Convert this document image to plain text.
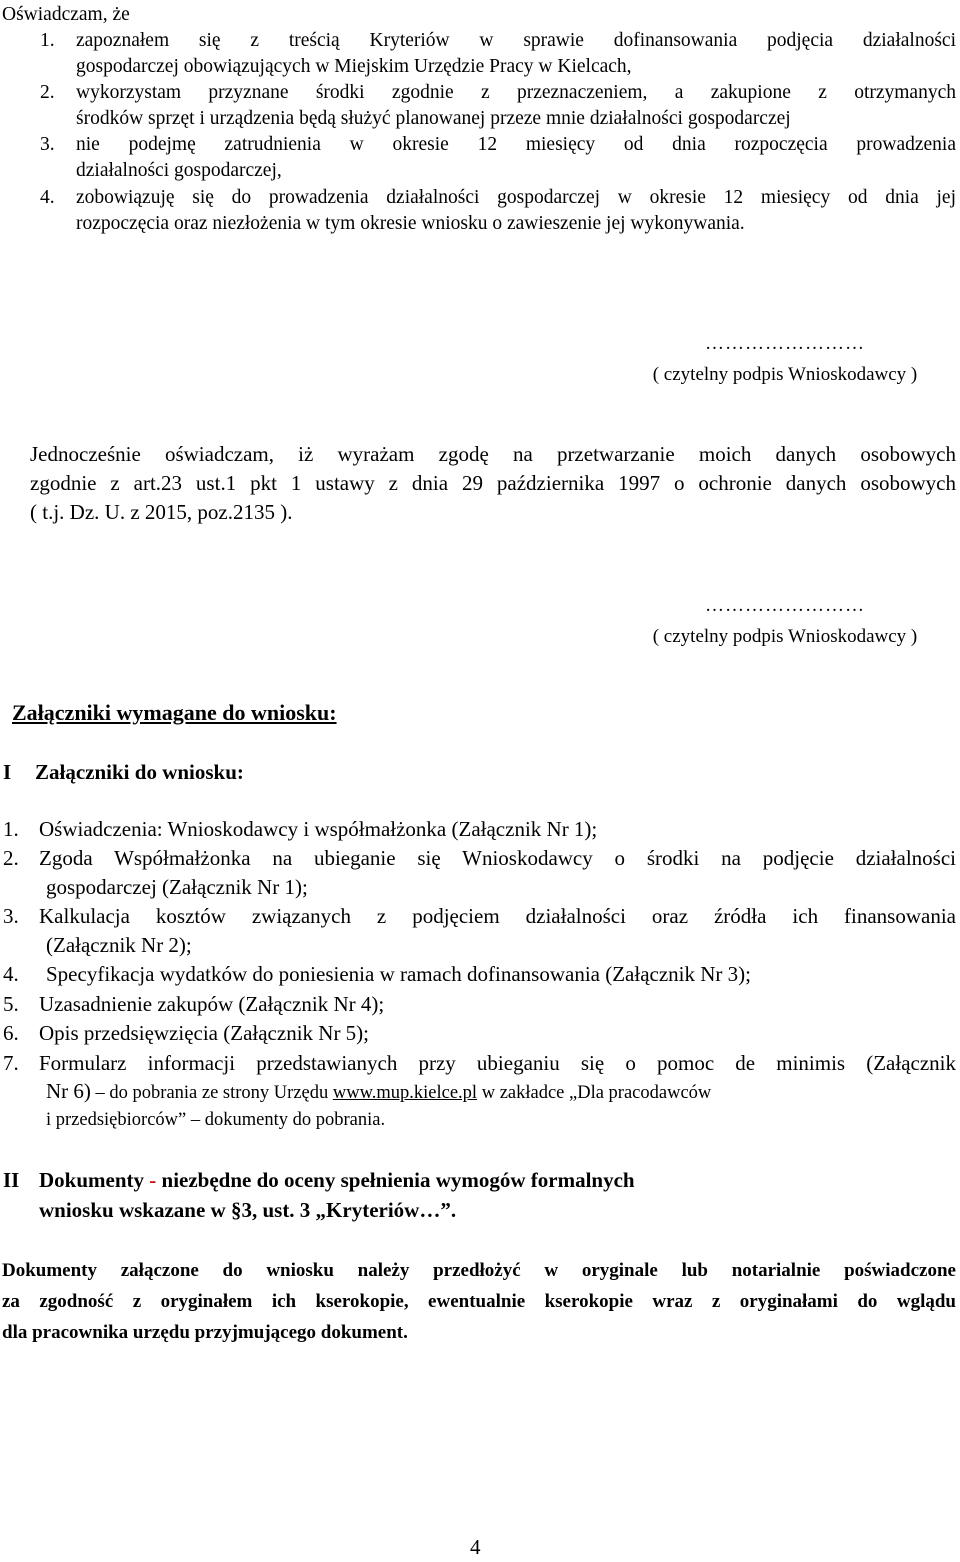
Oświadczam, że
1. zapoznałem się z treścią Kryteriów w sprawie dofinansowania podjęcia działalności
gospodarczej obowiązujących w Miejskim Urzędzie Pracy w Kielcach,
2. wykorzystam przyznane środki zgodnie z przeznaczeniem, a zakupione z otrzymanych
środków sprzęt i urządzenia będą służyć planowanej przeze mnie działalności gospodarczej
3. nie podejmę zatrudnienia w okresie 12 miesięcy od dnia rozpoczęcia prowadzenia
działalności gospodarczej,
4. zobowiązuję się do prowadzenia działalności gospodarczej w okresie 12 miesięcy od dnia jej
rozpoczęcia oraz niezłożenia w tym okresie wniosku o zawieszenie jej wykonywania.
……………………
( czytelny podpis Wnioskodawcy )
Jednocześnie oświadczam, iż wyrażam zgodę na przetwarzanie moich danych osobowych
zgodnie z art.23 ust.1 pkt 1 ustawy z dnia 29 października 1997 o ochronie danych osobowych
( t.j. Dz. U. z 2015, poz.2135 ).
……………………
( czytelny podpis Wnioskodawcy )
Załączniki wymagane do wniosku:
I Załączniki do wniosku:
1. Oświadczenia: Wnioskodawcy i współmałżonka (Załącznik Nr 1);
2. Zgoda Współmałżonka na ubieganie się Wnioskodawcy o środki na podjęcie działalności
gospodarczej (Załącznik Nr 1);
3. Kalkulacja kosztów związanych z podjęciem działalności oraz źródła ich finansowania
(Załącznik Nr 2);
4. Specyfikacja wydatków do poniesienia w ramach dofinansowania (Załącznik Nr 3);
5. Uzasadnienie zakupów (Załącznik Nr 4);
6. Opis przedsięwzięcia (Załącznik Nr 5);
7. Formularz informacji przedstawianych przy ubieganiu się o pomoc de minimis (Załącznik
Nr 6) – do pobrania ze strony Urzędu www.mup.kielce.pl w zakładce „Dla pracodawców
i przedsiębiorców” – dokumenty do pobrania.
II Dokumenty - niezbędne do oceny spełnienia wymogów formalnych
wniosku wskazane w §3, ust. 3 „Kryteriów…”.
Dokumenty załączone do wniosku należy przedłożyć w oryginale lub notarialnie poświadczone
za zgodność z oryginałem ich kserokopie, ewentualnie kserokopie wraz z oryginałami do wglądu
dla pracownika urzędu przyjmującego dokument.
4
